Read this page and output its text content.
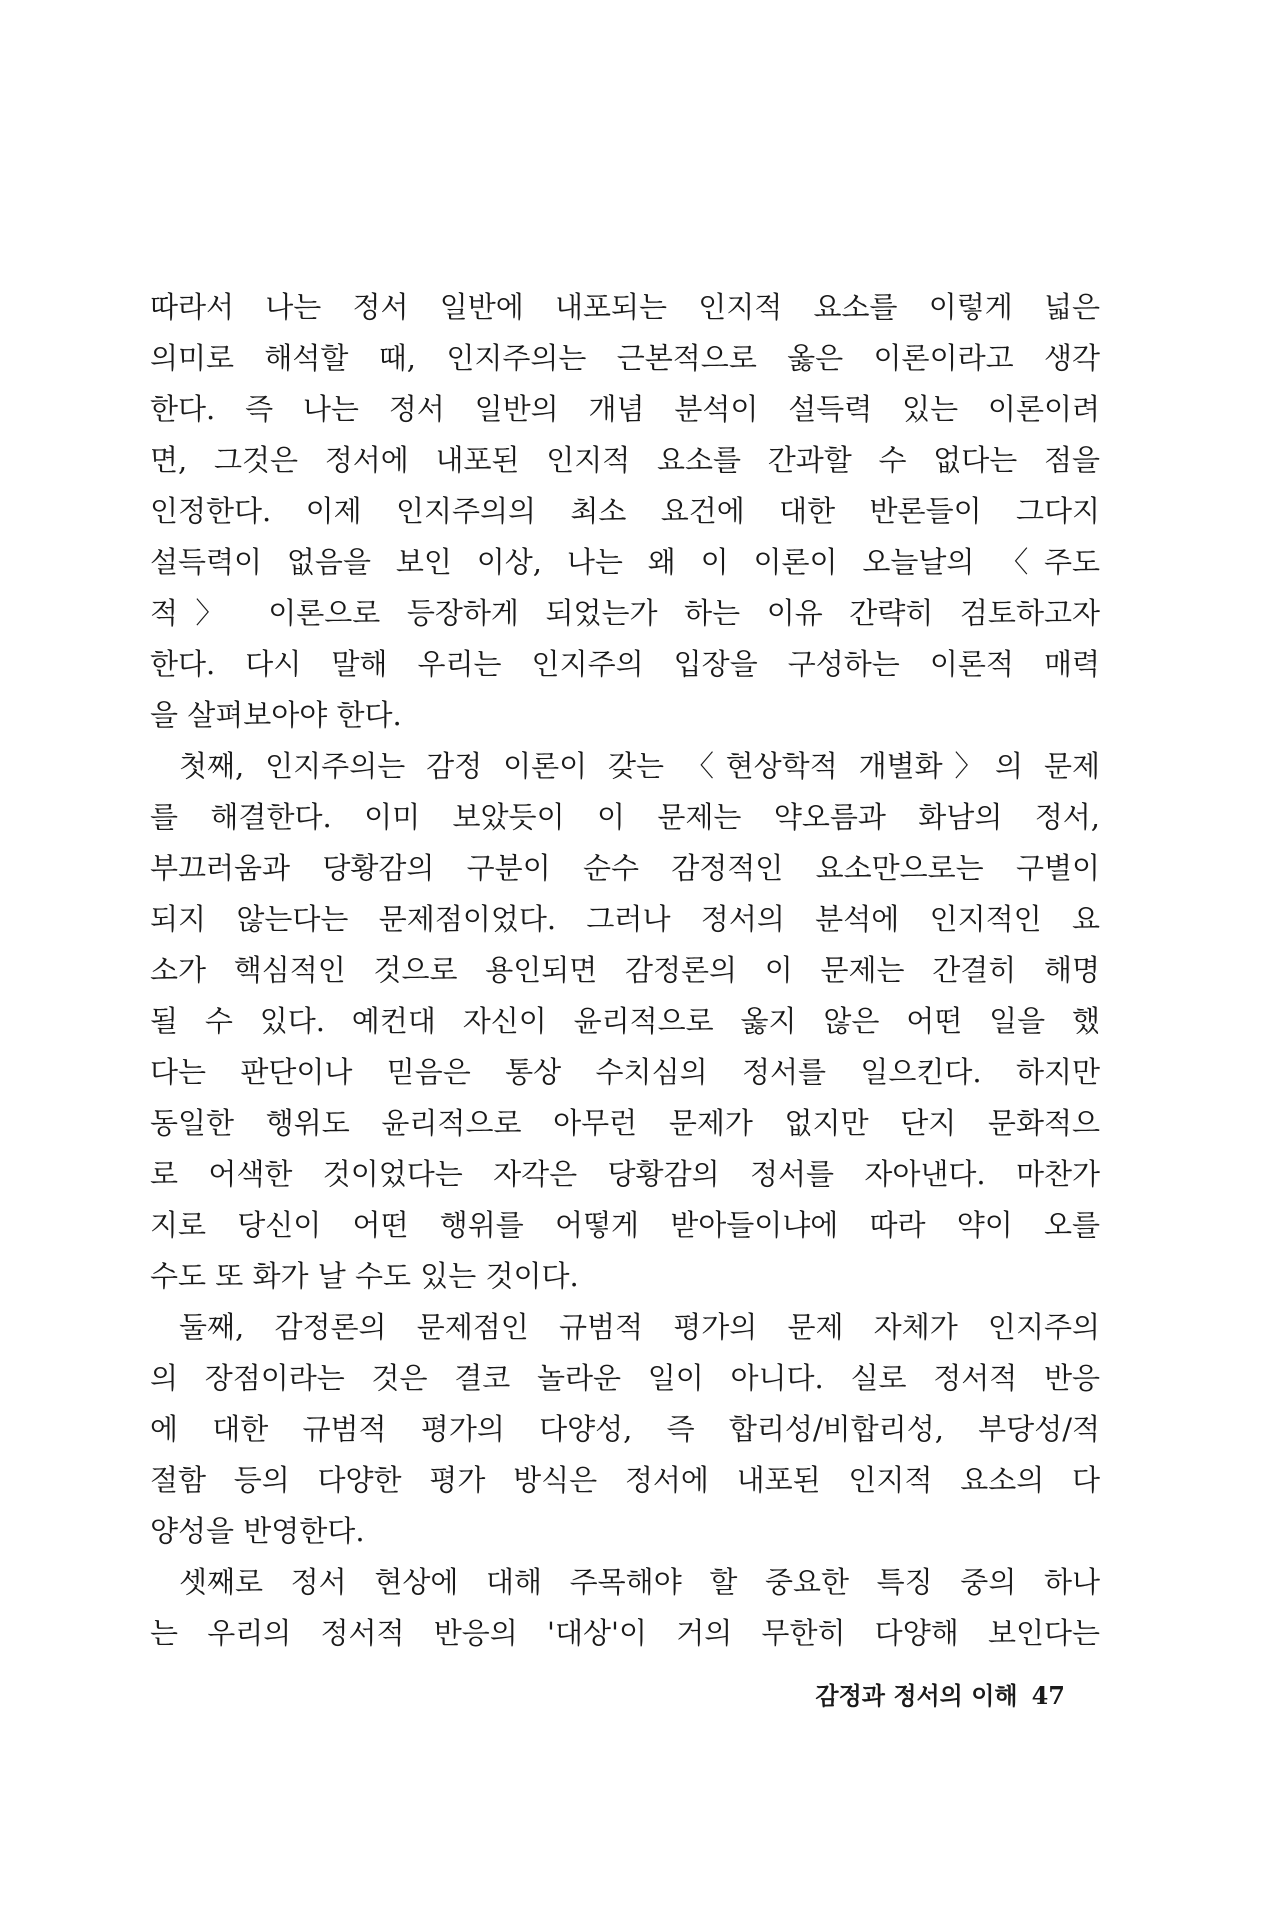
따라서 나는 정서 일반에 내포되는 인지적 요소를 이렇게 넓은
의미로 해석할 때, 인지주의는 근본적으로 옳은 이론이라고 생각
한다. 즉 나는 정서 일반의 개념 분석이 설득력 있는 이론이려
면, 그것은 정서에 내포된 인지적 요소를 간과할 수 없다는 점을
인정한다. 이제 인지주의의 최소 요건에 대한 반론들이 그다지
설득력이 없음을 보인 이상, 나는 왜 이 이론이 오늘날의 〈주도
적〉 이론으로 등장하게 되었는가 하는 이유 간략히 검토하고자
한다. 다시 말해 우리는 인지주의 입장을 구성하는 이론적 매력
을 살펴보아야 한다.
첫째, 인지주의는 감정 이론이 갖는 〈현상학적 개별화〉의 문제
를 해결한다. 이미 보았듯이 이 문제는 약오름과 화남의 정서,
부끄러움과 당황감의 구분이 순수 감정적인 요소만으로는 구별이
되지 않는다는 문제점이었다. 그러나 정서의 분석에 인지적인 요
소가 핵심적인 것으로 용인되면 감정론의 이 문제는 간결히 해명
될 수 있다. 예컨대 자신이 윤리적으로 옳지 않은 어떤 일을 했
다는 판단이나 믿음은 통상 수치심의 정서를 일으킨다. 하지만
동일한 행위도 윤리적으로 아무런 문제가 없지만 단지 문화적으
로 어색한 것이었다는 자각은 당황감의 정서를 자아낸다. 마찬가
지로 당신이 어떤 행위를 어떻게 받아들이냐에 따라 약이 오를
수도 또 화가 날 수도 있는 것이다.
둘째, 감정론의 문제점인 규범적 평가의 문제 자체가 인지주의
의 장점이라는 것은 결코 놀라운 일이 아니다. 실로 정서적 반응
에 대한 규범적 평가의 다양성, 즉 합리성/비합리성, 부당성/적
절함 등의 다양한 평가 방식은 정서에 내포된 인지적 요소의 다
양성을 반영한다.
셋째로 정서 현상에 대해 주목해야 할 중요한 특징 중의 하나
는 우리의 정서적 반응의 '대상'이 거의 무한히 다양해 보인다는
감정과 정서의 이해 47
